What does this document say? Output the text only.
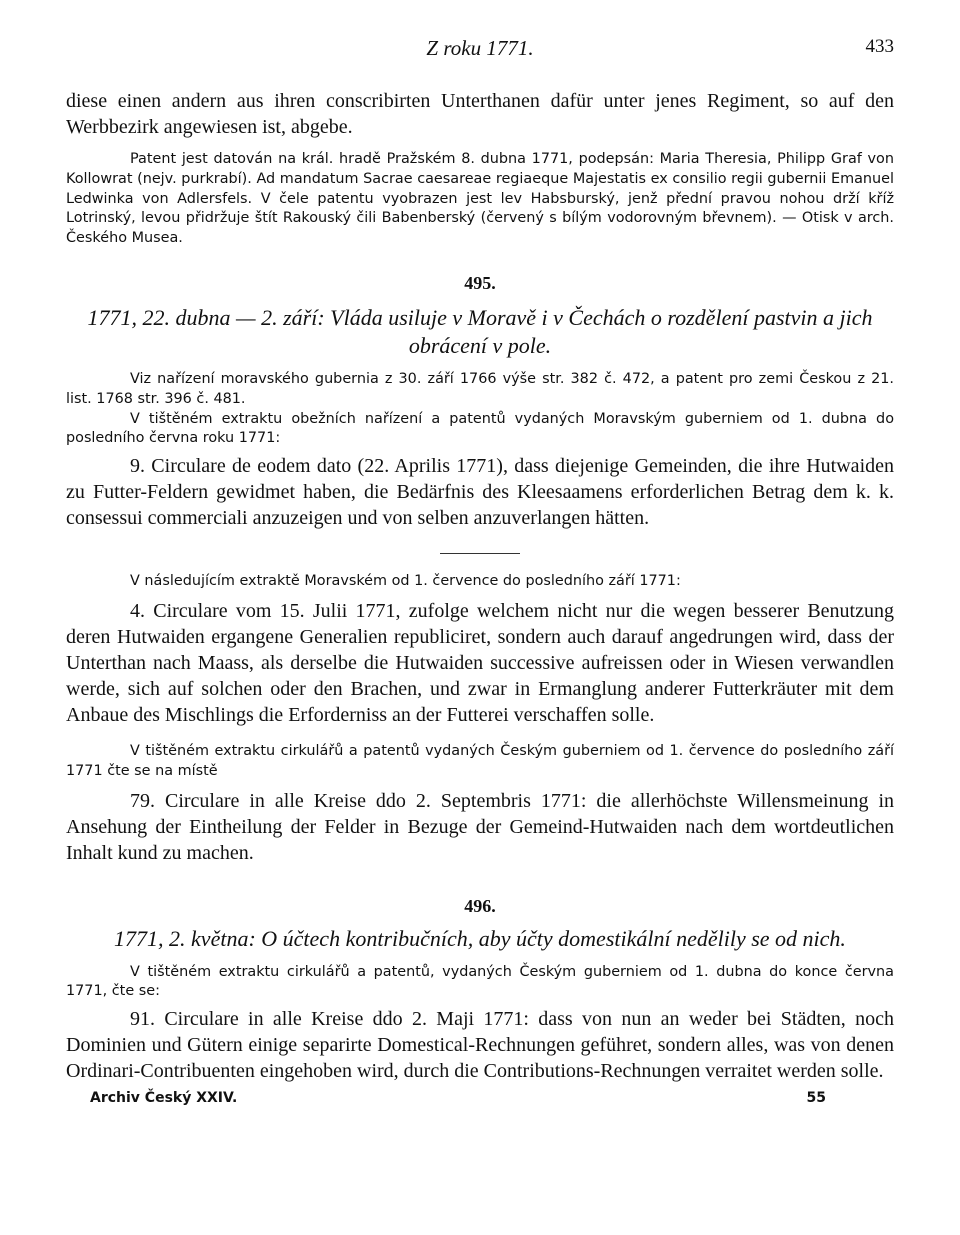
Z roku 1771.	433

diese einen andern aus ihren conscribirten Unterthanen dafür unter jenes Regiment, so auf den Werbbezirk angewiesen ist, abgebe.

Patent jest datován na král. hradě Pražském 8. dubna 1771, podepsán: Maria Theresia, Philipp Graf von Kollowrat (nejv. purkrabí). Ad mandatum Sacrae caesareae regiaeque Majestatis ex consilio regii gubernii Emanuel Ledwinka von Adlersfels. V čele patentu vyobrazen jest lev Habsburský, jenž přední pravou nohou drží kříž Lotrinský, levou přidržuje štít Rakouský čili Babenberský (červený s bílým vodorovným břevnem). — Otisk v arch. Českého Musea.

495.

1771, 22. dubna — 2. září: Vláda usiluje v Moravě i v Čechách o rozdělení pastvin a jich obrácení v pole.

Viz nařízení moravského gubernia z 30. září 1766 výše str. 382 č. 472, a patent pro zemi Českou z 21. list. 1768 str. 396 č. 481.

V tištěném extraktu obežních nařízení a patentů vydaných Moravským guberniem od 1. dubna do posledního června roku 1771:

9. Circulare de eodem dato (22. Aprilis 1771), dass diejenige Gemeinden, die ihre Hutwaiden zu Futter-Feldern gewidmet haben, die Bedärfnis des Kleesaamens erforderlichen Betrag dem k. k. consessui commerciali anzuzeigen und von selben anzuverlangen hätten.

V následujícím extraktě Moravském od 1. července do posledního září 1771:

4. Circulare vom 15. Julii 1771, zufolge welchem nicht nur die wegen besserer Benutzung deren Hutwaiden ergangene Generalien republiciret, sondern auch darauf angedrungen wird, dass der Unterthan nach Maass, als derselbe die Hutwaiden successive aufreissen oder in Wiesen verwandlen werde, sich auf solchen oder den Brachen, und zwar in Ermanglung anderer Futterkräuter mit dem Anbaue des Mischlings die Erforderniss an der Futterei verschaffen solle.

V tištěném extraktu cirkulářů a patentů vydaných Českým guberniem od 1. července do posledního září 1771 čte se na místě

79. Circulare in alle Kreise ddo 2. Septembris 1771: die allerhöchste Willensmeinung in Ansehung der Eintheilung der Felder in Bezuge der Gemeind-Hutwaiden nach dem wortdeutlichen Inhalt kund zu machen.

496.

1771, 2. května: O účtech kontribučních, aby účty domestikální nedělily se od nich.

V tištěném extraktu cirkulářů a patentů, vydaných Českým guberniem od 1. dubna do konce června 1771, čte se:

91. Circulare in alle Kreise ddo 2. Maji 1771: dass von nun an weder bei Städten, noch Dominien und Gütern einige separirte Domestical-Rechnungen geführet, sondern alles, was von denen Ordinari-Contribuenten eingehoben wird, durch die Contributions-Rechnungen verraitet werden solle.

Archiv Český XXIV.	55
